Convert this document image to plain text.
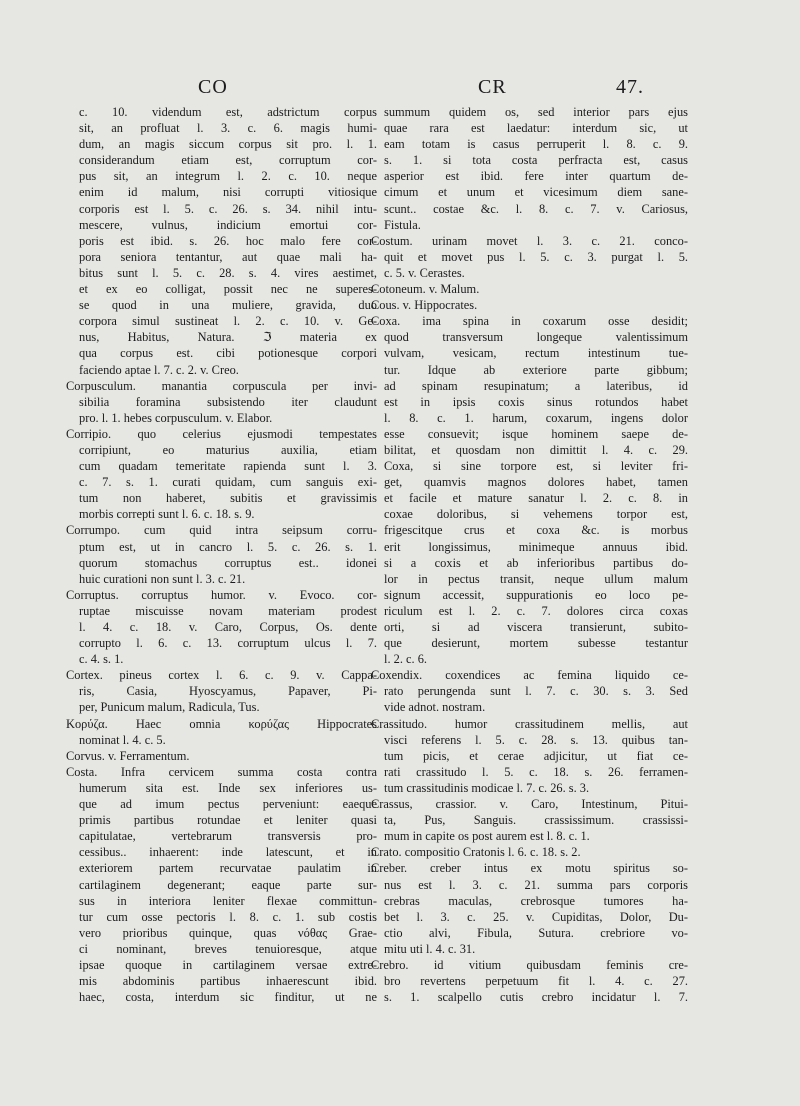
CO	CR	47.
c. 10. videndum est, adstrictum corpus
sit, an profluat l. 3. c. 6. magis humi-
dum, an magis siccum corpus sit pro. l. 1.
considerandum etiam est, corruptum cor-
pus sit, an integrum l. 2. c. 10. neque
enim id malum, nisi corrupti vitiosique
corporis est l. 5. c. 26. s. 34. nihil intu-
mescere, vulnus, indicium emortui cor-
poris est ibid. s. 26. hoc malo fere cor-
pora seniora tentantur, aut quae mali ha-
bitus sunt l. 5. c. 28. s. 4. vires aestimet,
et ex eo colligat, possit nec ne superes-
se quod in una muliere, gravida, duo
corpora simul sustineat l. 2. c. 10. v. Ge-
nus, Habitus, Natura. ℑ materia ex
qua corpus est. cibi potionesque corpori
faciendo aptae l. 7. c. 2. v. Creo.
Corpusculum. manantia corpuscula per invi-
sibilia foramina subsistendo iter claudunt
pro. l. 1. hebes corpusculum. v. Elabor.
Corripio. quo celerius ejusmodi tempestates
corripiunt, eo maturius auxilia, etiam
cum quadam temeritate rapienda sunt l. 3.
c. 7. s. 1. curati quidam, cum sanguis exi-
tum non haberet, subitis et gravissimis
morbis correpti sunt l. 6. c. 18. s. 9.
Corrumpo. cum quid intra seipsum corru-
ptum est, ut in cancro l. 5. c. 26. s. 1.
quorum stomachus corruptus est.. idonei
huic curationi non sunt l. 3. c. 21.
Corruptus. corruptus humor. v. Evoco. cor-
ruptae miscuisse novam materiam prodest
l. 4. c. 18. v. Caro, Corpus, Os. dente
corrupto l. 6. c. 13. corruptum ulcus l. 7.
c. 4. s. 1.
Cortex. pineus cortex l. 6. c. 9. v. Cappa-
ris, Casia, Hyoscyamus, Papaver, Pi-
per, Punicum malum, Radicula, Tus.
Κορύζα. Haec omnia κορύζας Hippocrates
nominat l. 4. c. 5.
Corvus. v. Ferramentum.
Costa. Infra cervicem summa costa contra
humerum sita est. Inde sex inferiores us-
que ad imum pectus perveniunt: eaeque
primis partibus rotundae et leniter quasi
capitulatae, vertebrarum transversis pro-
cessibus.. inhaerent: inde latescunt, et in
exteriorem partem recurvatae paulatim in
cartilaginem degenerant; eaque parte sur-
sus in interiora leniter flexae committun-
tur cum osse pectoris l. 8. c. 1. sub costis
vero prioribus quinque, quas νόθας Grae-
ci nominant, breves tenuioresque, atque
ipsae quoque in cartilaginem versae extre-
mis abdominis partibus inhaerescunt ibid.
haec, costa, interdum sic finditur, ut ne
summum quidem os, sed interior pars ejus
quae rara est laedatur: interdum sic, ut
eam totam is casus perruperit l. 8. c. 9.
s. 1. si tota costa perfracta est, casus
asperior est ibid. fere inter quartum de-
cimum et unum et vicesimum diem sane-
scunt.. costae &c. l. 8. c. 7. v. Cariosus,
Fistula.
Costum. urinam movet l. 3. c. 21. conco-
quit et movet pus l. 5. c. 3. purgat l. 5.
c. 5. v. Cerastes.
Cotoneum. v. Malum.
Cous. v. Hippocrates.
Coxa. ima spina in coxarum osse desidit;
quod transversum longeque valentissimum
vulvam, vesicam, rectum intestinum tue-
tur. Idque ab exteriore parte gibbum;
ad spinam resupinatum; a lateribus, id
est in ipsis coxis sinus rotundos habet
l. 8. c. 1. harum, coxarum, ingens dolor
esse consuevit; isque hominem saepe de-
bilitat, et quosdam non dimittit l. 4. c. 29.
Coxa, si sine torpore est, si leviter fri-
get, quamvis magnos dolores habet, tamen
et facile et mature sanatur l. 2. c. 8. in
coxae doloribus, si vehemens torpor est,
frigescitque crus et coxa &c. is morbus
erit longissimus, minimeque annuus ibid.
si a coxis et ab inferioribus partibus do-
lor in pectus transit, neque ullum malum
signum accessit, suppurationis eo loco pe-
riculum est l. 2. c. 7. dolores circa coxas
orti, si ad viscera transierunt, subito-
que desierunt, mortem subesse testantur
l. 2. c. 6.
Coxendix. coxendices ac femina liquido ce-
rato perungenda sunt l. 7. c. 30. s. 3. Sed
vide adnot. nostram.
Crassitudo. humor crassitudinem mellis, aut
visci referens l. 5. c. 28. s. 13. quibus tan-
tum picis, et cerae adjicitur, ut fiat ce-
rati crassitudo l. 5. c. 18. s. 26. ferramen-
tum crassitudinis modicae l. 7. c. 26. s. 3.
Crassus, crassior. v. Caro, Intestinum, Pitui-
ta, Pus, Sanguis. crassissimum. crassissi-
mum in capite os post aurem est l. 8. c. 1.
Crato. compositio Cratonis l. 6. c. 18. s. 2.
Creber. creber intus ex motu spiritus so-
nus est l. 3. c. 21. summa pars corporis
crebras maculas, crebrosque tumores ha-
bet l. 3. c. 25. v. Cupiditas, Dolor, Du-
ctio alvi, Fibula, Sutura. crebriore vo-
mitu uti l. 4. c. 31.
Crebro. id vitium quibusdam feminis cre-
bro revertens perpetuum fit l. 4. c. 27.
s. 1. scalpello cutis crebro incidatur l. 7.
